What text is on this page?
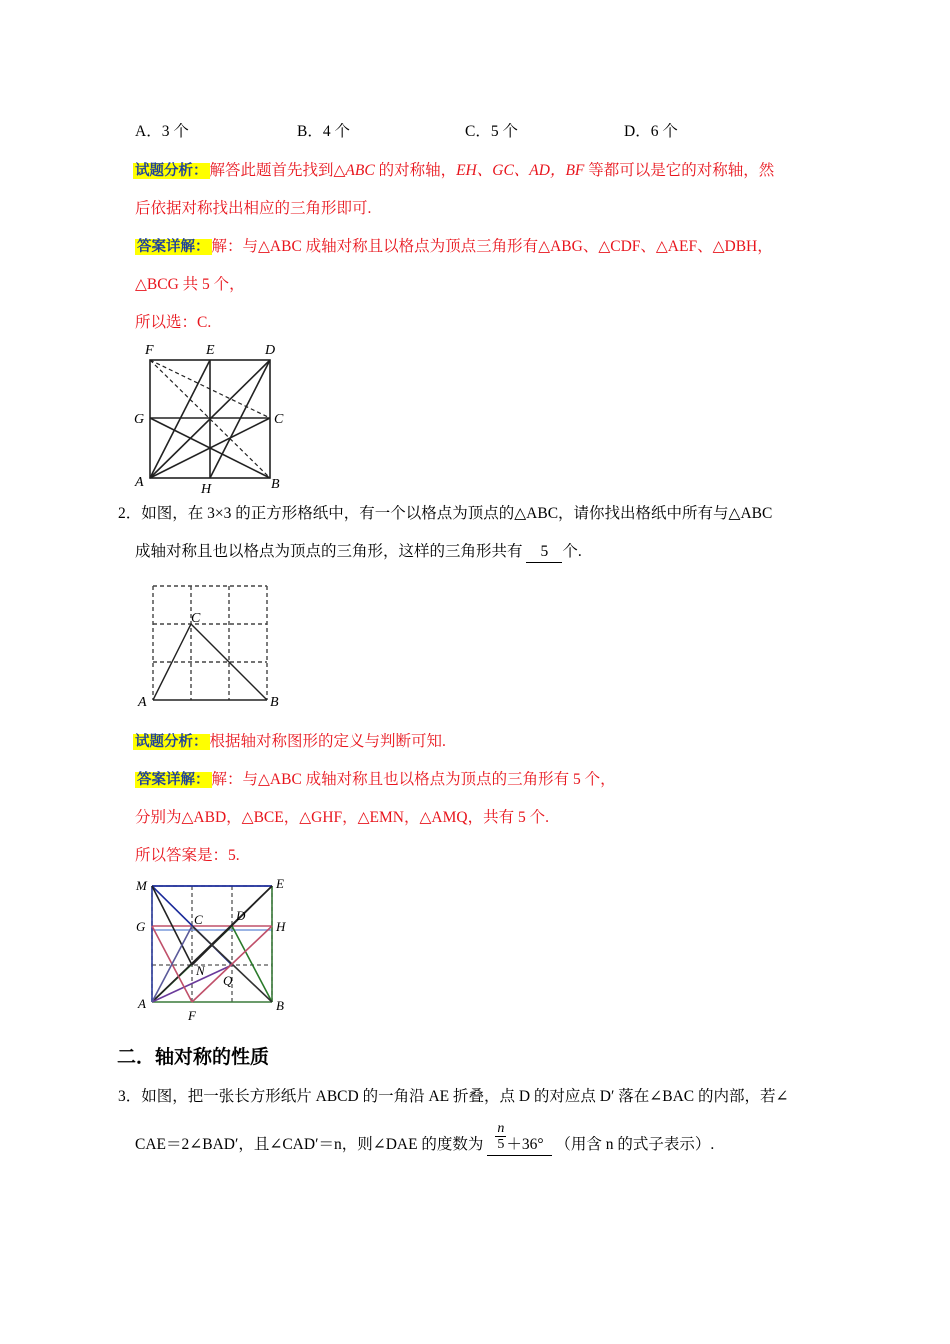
A．3 个	B．4 个	C．5 个	D．6 个
试题分析： 解答此题首先找到△ABC 的对称轴，EH、GC、AD，BF 等都可以是它的对称轴，然
后依据对称找出相应的三角形即可.
答案详解： 解：与△ABC 成轴对称且以格点为顶点三角形有△ABG、△CDF、△AEF、△DBH，
△BCG 共 5 个，
所以选：C.
F	E	D
G	C
A	H	B
2．如图，在 3×3 的正方形格纸中，有一个以格点为顶点的△ABC，请你找出格纸中所有与△ABC
成轴对称且也以格点为顶点的三角形，这样的三角形共有 5 个.
C
A	B
试题分析： 根据轴对称图形的定义与判断可知.
答案详解： 解：与△ABC 成轴对称且也以格点为顶点的三角形有 5 个，
分别为△ABD，△BCE，△GHF，△EMN，△AMQ，共有 5 个.
所以答案是：5.
M	E
G	C	D
H
N
Q
A
F
B
二．轴对称的性质
3．如图，把一张长方形纸片 ABCD 的一角沿 AE 折叠，点 D 的对应点 D′ 落在∠BAC 的内部，若∠
CAE＝2∠BAD′，且∠CAD′＝n，则∠DAE 的度数为 $\frac{n}{5} +36^\circ$ （用含 n 的式子表示）.
